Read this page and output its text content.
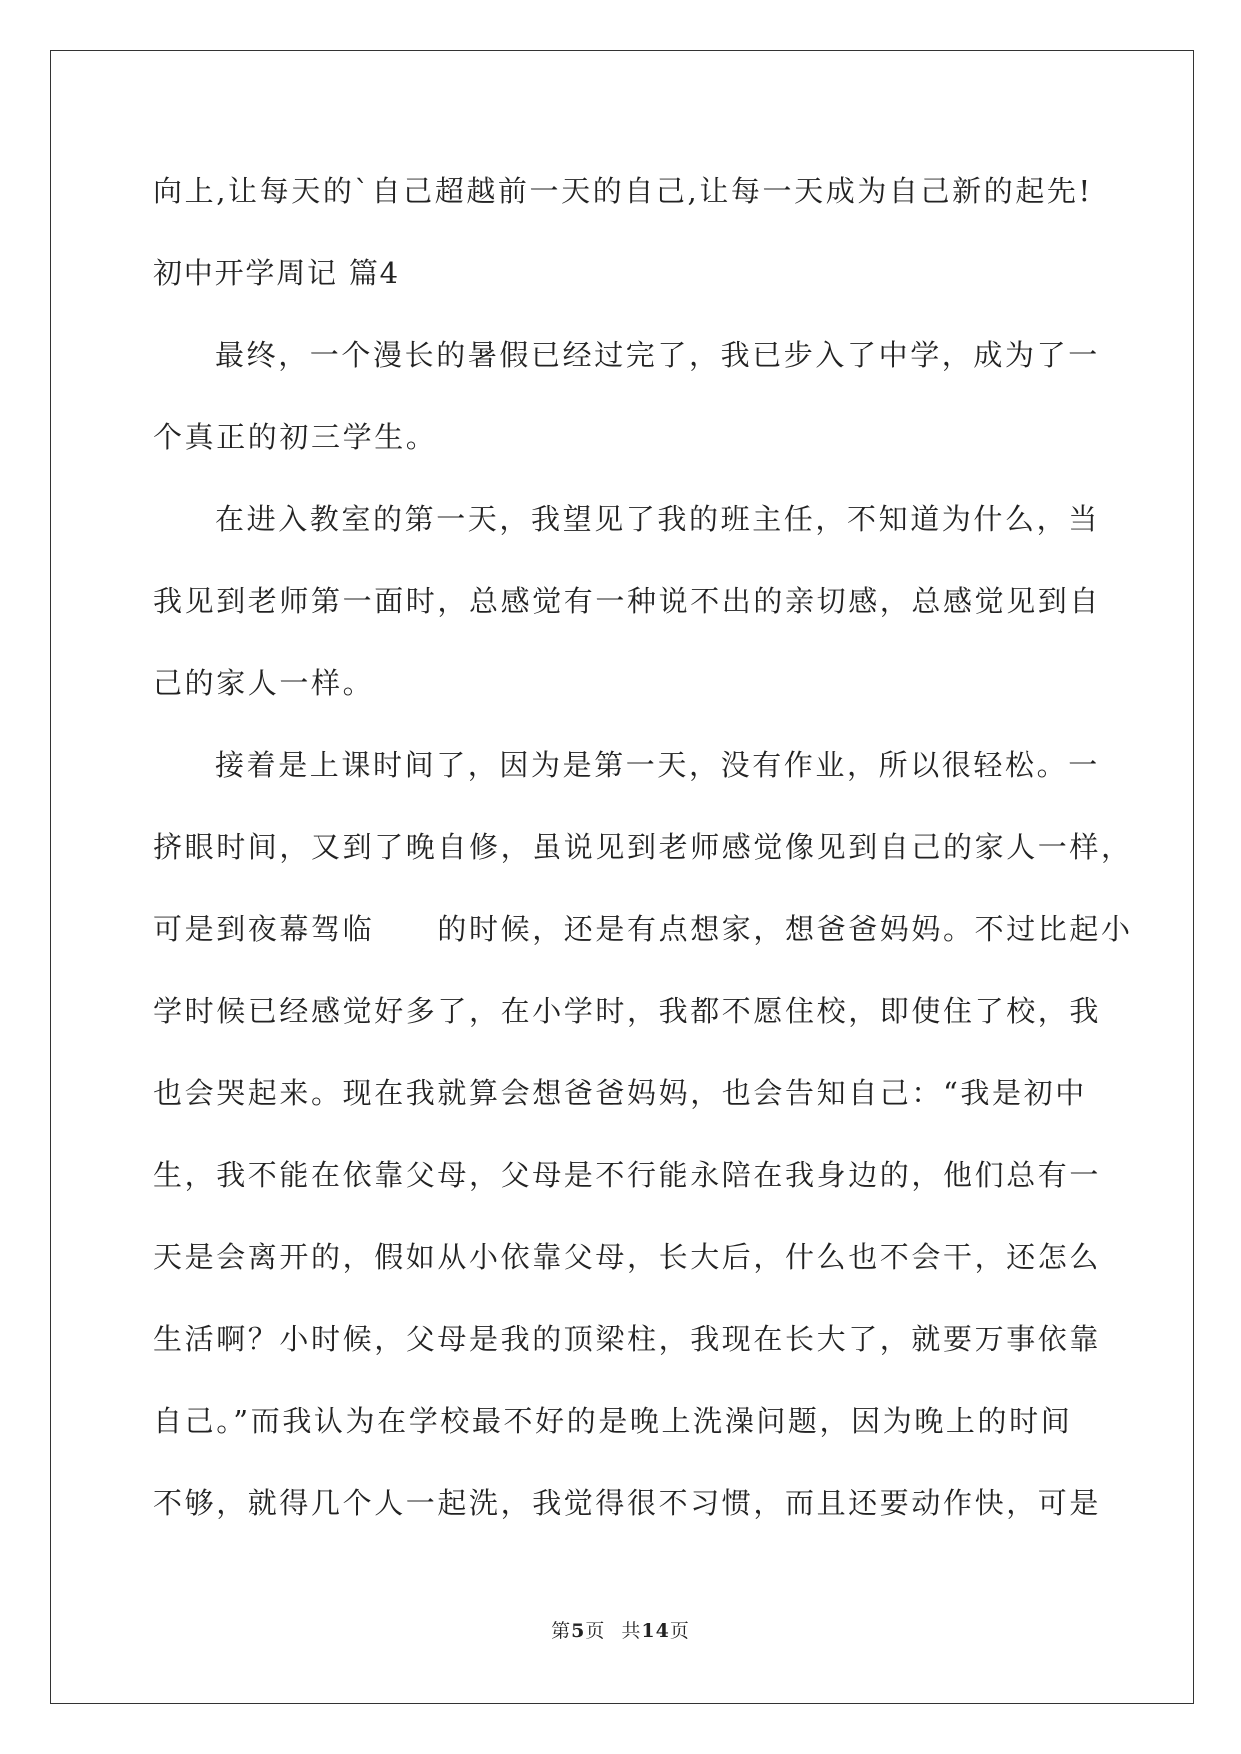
向上,让每天的`自己超越前一天的自己,让每一天成为自己新的起先!
初中开学周记 篇4
最终，一个漫长的暑假已经过完了，我已步入了中学，成为了一
个真正的初三学生。
在进入教室的第一天，我望见了我的班主任，不知道为什么，当
我见到老师第一面时，总感觉有一种说不出的亲切感，总感觉见到自
己的家人一样。
接着是上课时间了，因为是第一天，没有作业，所以很轻松。一
挤眼时间，又到了晚自修，虽说见到老师感觉像见到自己的家人一样，
可是到夜幕驾临　　的时候，还是有点想家，想爸爸妈妈。不过比起小
学时候已经感觉好多了，在小学时，我都不愿住校，即使住了校，我
也会哭起来。现在我就算会想爸爸妈妈，也会告知自己：“我是初中
生，我不能在依靠父母，父母是不行能永陪在我身边的，他们总有一
天是会离开的，假如从小依靠父母，长大后，什么也不会干，还怎么
生活啊？小时候，父母是我的顶梁柱，我现在长大了，就要万事依靠
自己。”而我认为在学校最不好的是晚上洗澡问题，因为晚上的时间
不够，就得几个人一起洗，我觉得很不习惯，而且还要动作快，可是
第5页 共14页
